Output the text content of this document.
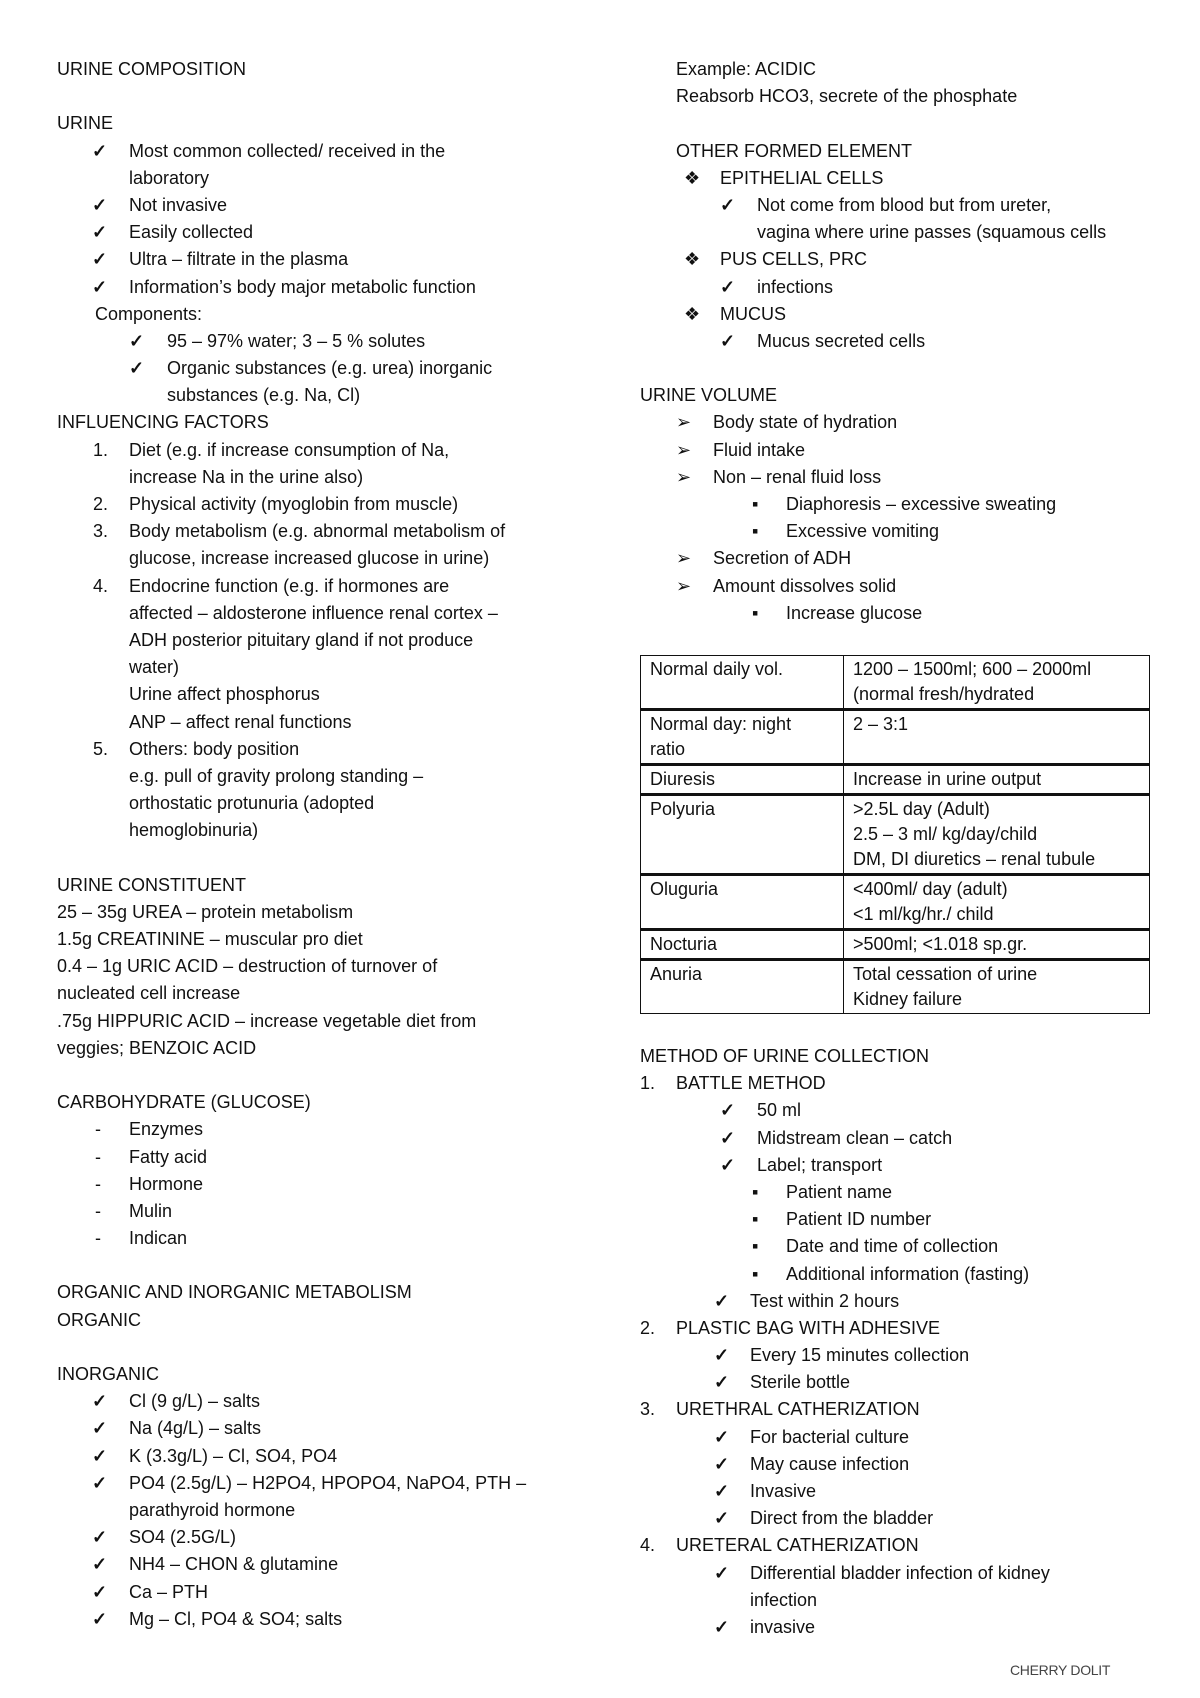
URINE COMPOSITION
URINE
✓
Most common collected/ received in the
laboratory
✓
Not invasive
✓
Easily collected
✓
Ultra – filtrate in the plasma
✓
Information’s body major metabolic function
Components:
✓
95 – 97% water; 3 – 5 % solutes
✓
Organic substances (e.g. urea) inorganic
substances (e.g. Na, Cl)
INFLUENCING FACTORS
1. Diet (e.g. if increase consumption of Na,
increase Na in the urine also)
2. Physical activity (myoglobin from muscle)
3. Body metabolism (e.g. abnormal metabolism of
glucose, increase increased glucose in urine)
4. Endocrine function (e.g. if hormones are
affected – aldosterone influence renal cortex –
ADH posterior pituitary gland if not produce
water)
Urine affect phosphorus
ANP – affect renal functions
5. Others: body position
e.g. pull of gravity prolong standing –
orthostatic protunuria (adopted
hemoglobinuria)
URINE CONSTITUENT
25 – 35g UREA – protein metabolism
1.5g CREATININE – muscular pro diet
0.4 – 1g URIC ACID – destruction of turnover of
nucleated cell increase
.75g HIPPURIC ACID – increase vegetable diet from
veggies; BENZOIC ACID
CARBOHYDRATE (GLUCOSE)
-
Enzymes
-
Fatty acid
-
Hormone
-
Mulin
-
Indican
ORGANIC AND INORGANIC METABOLISM
ORGANIC
INORGANIC
✓
Cl (9 g/L) – salts
✓
Na (4g/L) – salts
✓
K (3.3g/L) – Cl, SO4, PO4
✓
PO4 (2.5g/L) – H2PO4, HPOPO4, NaPO4, PTH –
parathyroid hormone
✓
SO4 (2.5G/L)
✓
NH4 – CHON & glutamine
✓
Ca – PTH
✓
Mg – Cl, PO4 & SO4; salts
Example: ACIDIC
Reabsorb HCO3, secrete of the phosphate
OTHER FORMED ELEMENT
❖
EPITHELIAL CELLS
✓
Not come from blood but from ureter,
vagina where urine passes (squamous cells
❖
PUS CELLS, PRC
✓
infections
❖
MUCUS
✓
Mucus secreted cells
URINE VOLUME
➢
Body state of hydration
➢
Fluid intake
➢
Non – renal fluid loss
▪
Diaphoresis – excessive sweating
▪
Excessive vomiting
➢
Secretion of ADH
➢
Amount dissolves solid
▪
Increase glucose
Normal daily vol.	1200 – 1500ml; 600 – 2000ml
(normal fresh/hydrated

Normal day: night
ratio	2 – 3:1

Diuresis	Increase in urine output

Polyuria	>2.5L day (Adult)
2.5 – 3 ml/ kg/day/child
DM, DI diuretics – renal tubule

Oluguria	<400ml/ day (adult)
<1 ml/kg/hr./ child

Nocturia	>500ml; <1.018 sp.gr.

Anuria	Total cessation of urine
Kidney failure
METHOD OF URINE COLLECTION
1. BATTLE METHOD
✓
50 ml
✓
Midstream clean – catch
✓
Label; transport
▪
Patient name
▪
Patient ID number
▪
Date and time of collection
▪
Additional information (fasting)
✓
Test within 2 hours
2. PLASTIC BAG WITH ADHESIVE
✓
Every 15 minutes collection
✓
Sterile bottle
3. URETHRAL CATHERIZATION
✓
For bacterial culture
✓
May cause infection
✓
Invasive
✓
Direct from the bladder
4. URETERAL CATHERIZATION
✓
Differential bladder infection of kidney
infection
✓
invasive
CHERRY DOLIT
